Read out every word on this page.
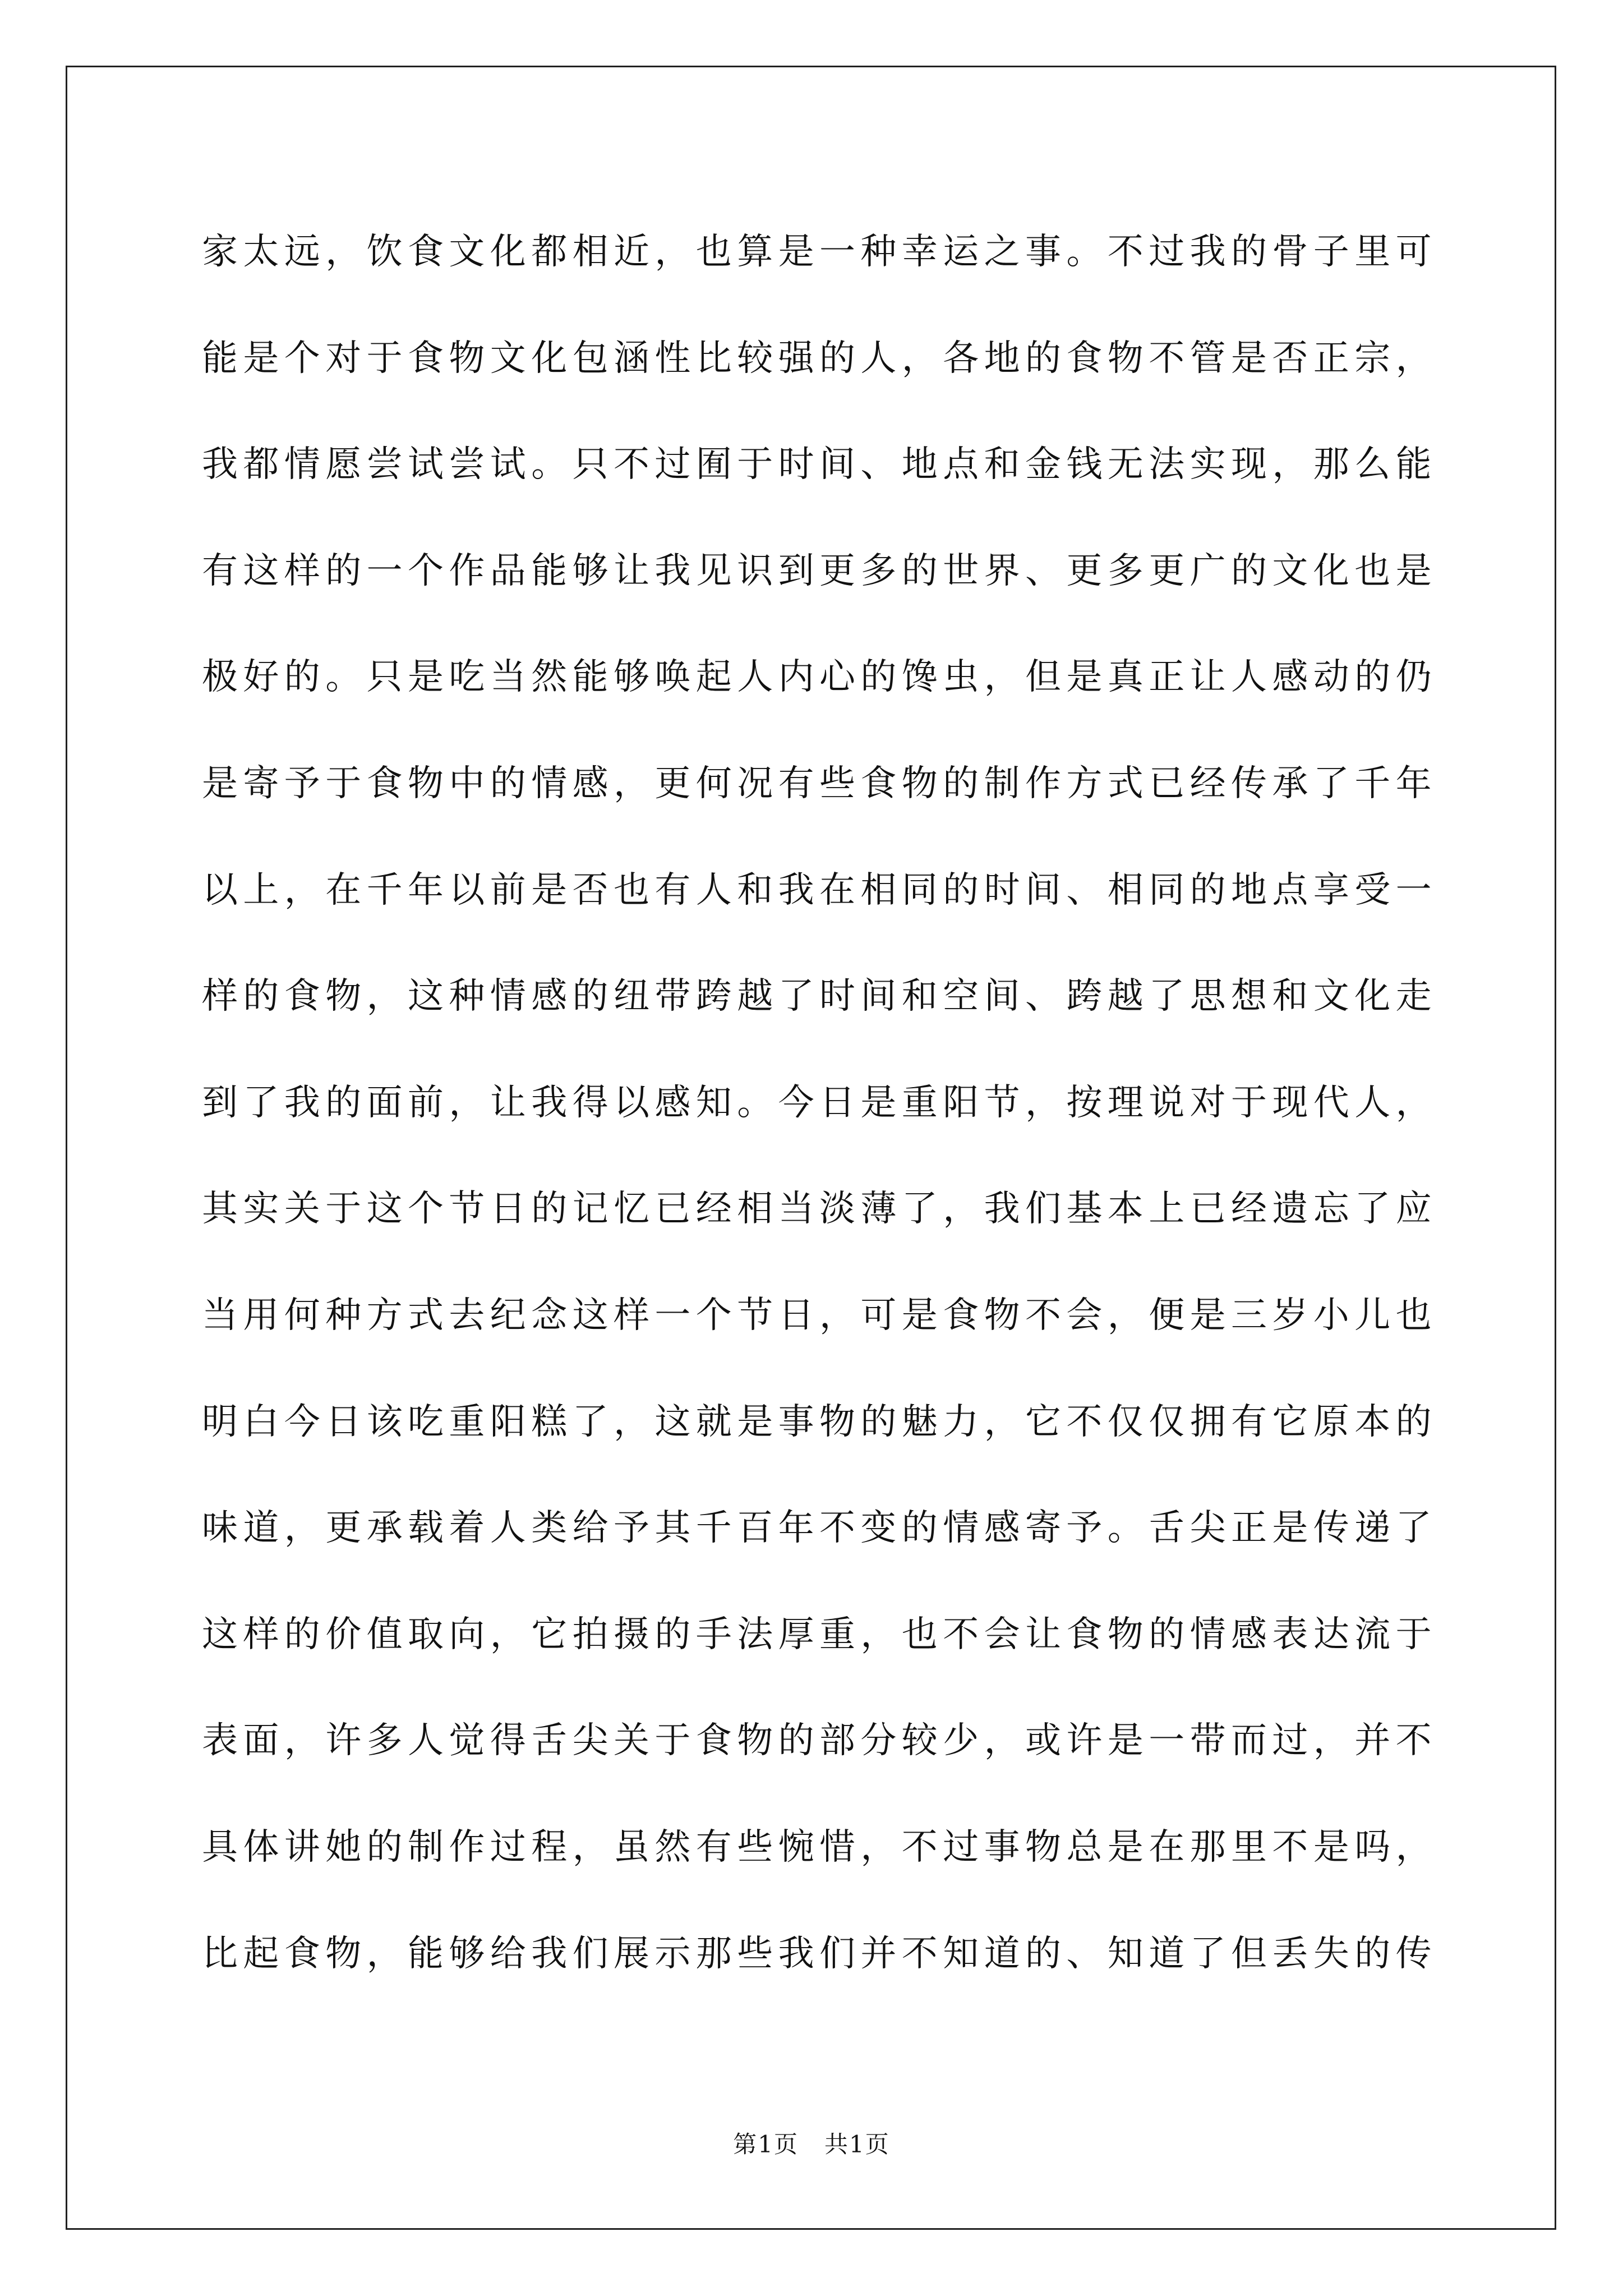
家太远，饮食文化都相近，也算是一种幸运之事。不过我的骨子里可
能是个对于食物文化包涵性比较强的人，各地的食物不管是否正宗，
我都情愿尝试尝试。只不过囿于时间、地点和金钱无法实现，那么能
有这样的一个作品能够让我见识到更多的世界、更多更广的文化也是
极好的。只是吃当然能够唤起人内心的馋虫，但是真正让人感动的仍
是寄予于食物中的情感，更何况有些食物的制作方式已经传承了千年
以上，在千年以前是否也有人和我在相同的时间、相同的地点享受一
样的食物，这种情感的纽带跨越了时间和空间、跨越了思想和文化走
到了我的面前，让我得以感知。今日是重阳节，按理说对于现代人，
其实关于这个节日的记忆已经相当淡薄了，我们基本上已经遗忘了应
当用何种方式去纪念这样一个节日，可是食物不会，便是三岁小儿也
明白今日该吃重阳糕了，这就是事物的魅力，它不仅仅拥有它原本的
味道，更承载着人类给予其千百年不变的情感寄予。舌尖正是传递了
这样的价值取向，它拍摄的手法厚重，也不会让食物的情感表达流于
表面，许多人觉得舌尖关于食物的部分较少，或许是一带而过，并不
具体讲她的制作过程，虽然有些惋惜，不过事物总是在那里不是吗，
比起食物，能够给我们展示那些我们并不知道的、知道了但丢失的传
第1页   共1页
